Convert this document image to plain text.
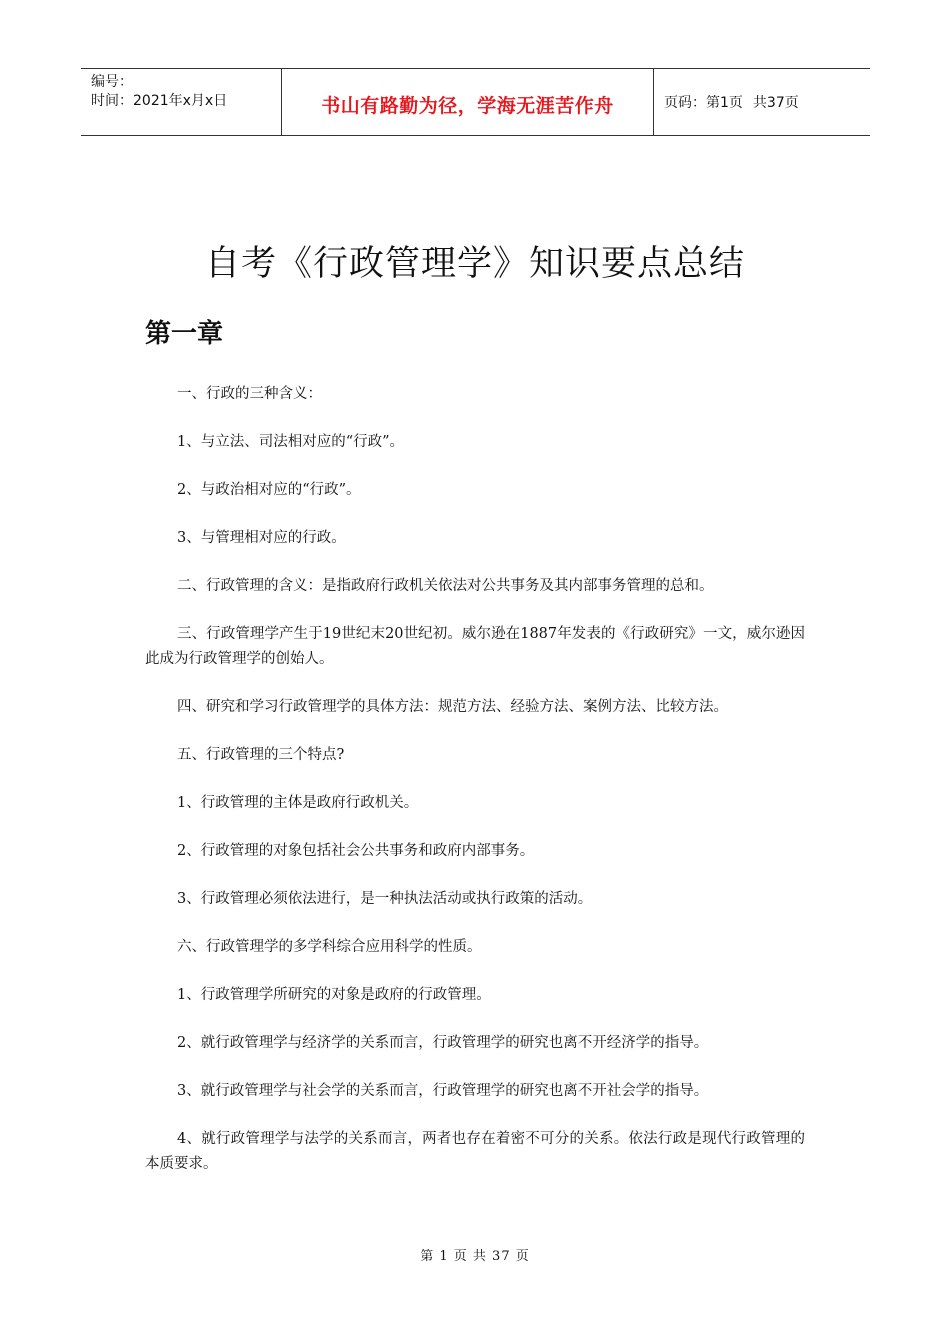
编号：
时间：2021年x月x日	书山有路勤为径，学海无涯苦作舟	页码：第1页 共37页
自考《行政管理学》知识要点总结
第一章

一、行政的三种含义：

1、与立法、司法相对应的“行政”。

2、与政治相对应的“行政”。

3、与管理相对应的行政。

二、行政管理的含义：是指政府行政机关依法对公共事务及其内部事务管理的总和。

三、行政管理学产生于19世纪末20世纪初。威尔逊在1887年发表的《行政研究》一文，威尔逊因此成为行政管理学的创始人。

四、研究和学习行政管理学的具体方法：规范方法、经验方法、案例方法、比较方法。

五、行政管理的三个特点?

1、行政管理的主体是政府行政机关。

2、行政管理的对象包括社会公共事务和政府内部事务。

3、行政管理必须依法进行，是一种执法活动或执行政策的活动。

六、行政管理学的多学科综合应用科学的性质。

1、行政管理学所研究的对象是政府的行政管理。

2、就行政管理学与经济学的关系而言，行政管理学的研究也离不开经济学的指导。

3、就行政管理学与社会学的关系而言，行政管理学的研究也离不开社会学的指导。

4、就行政管理学与法学的关系而言，两者也存在着密不可分的关系。依法行政是现代行政管理的本质要求。

第 1 页 共 37 页
